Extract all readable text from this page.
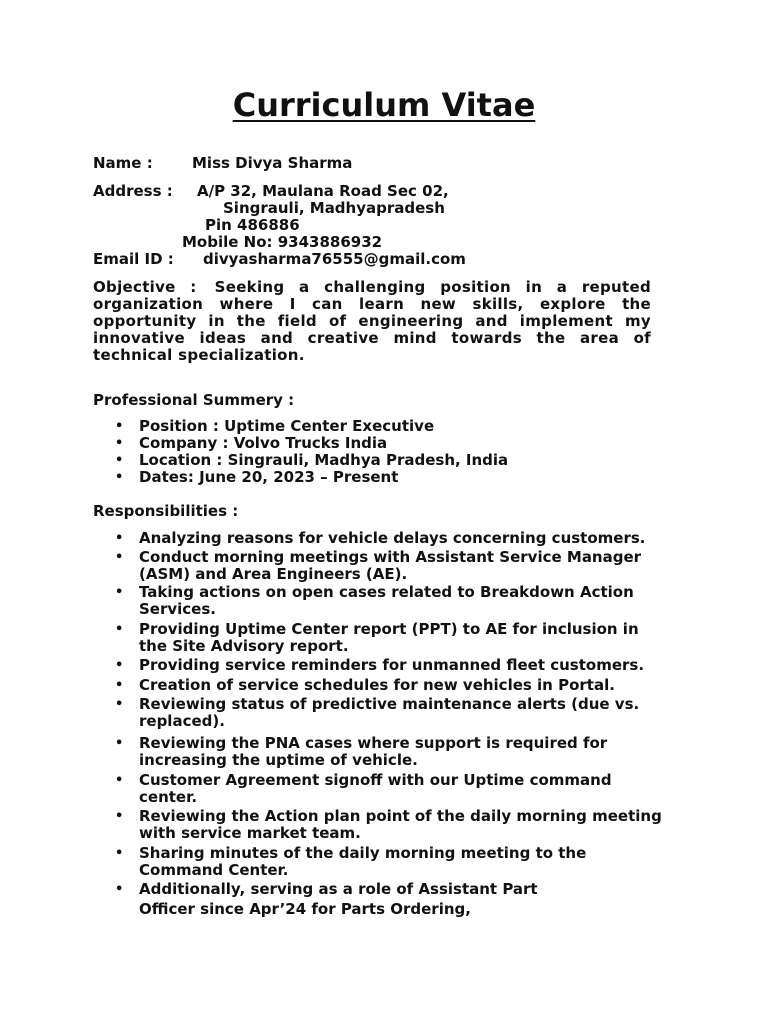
Curriculum Vitae
Name :	Miss Divya Sharma
Address : A/P 32, Maulana Road Sec 02,
Singrauli, Madhyapradesh
Pin 486886
Mobile No: 9343886932
Email ID : divyasharma76555@gmail.com
Objective : Seeking a challenging position in a reputed organization where I can learn new skills, explore the opportunity in the field of engineering and implement my innovative ideas and creative mind towards the area of technical specialization.
Professional Summery :
• Position : Uptime Center Executive
• Company : Volvo Trucks India
• Location : Singrauli, Madhya Pradesh, India
• Dates: June 20, 2023 – Present
Responsibilities :
• Analyzing reasons for vehicle delays concerning customers.
• Conduct morning meetings with Assistant Service Manager (ASM) and Area Engineers (AE).
• Taking actions on open cases related to Breakdown Action Services.
• Providing Uptime Center report (PPT) to AE for inclusion in the Site Advisory report.
• Providing service reminders for unmanned fleet customers.
• Creation of service schedules for new vehicles in Portal.
• Reviewing status of predictive maintenance alerts (due vs. replaced).
• Reviewing the PNA cases where support is required for increasing the uptime of vehicle.
• Customer Agreement signoff with our Uptime command center.
• Reviewing the Action plan point of the daily morning meeting with service market team.
• Sharing minutes of the daily morning meeting to the Command Center.
• Additionally, serving as a role of Assistant Part
Officer since Apr’24 for Parts Ordering,
